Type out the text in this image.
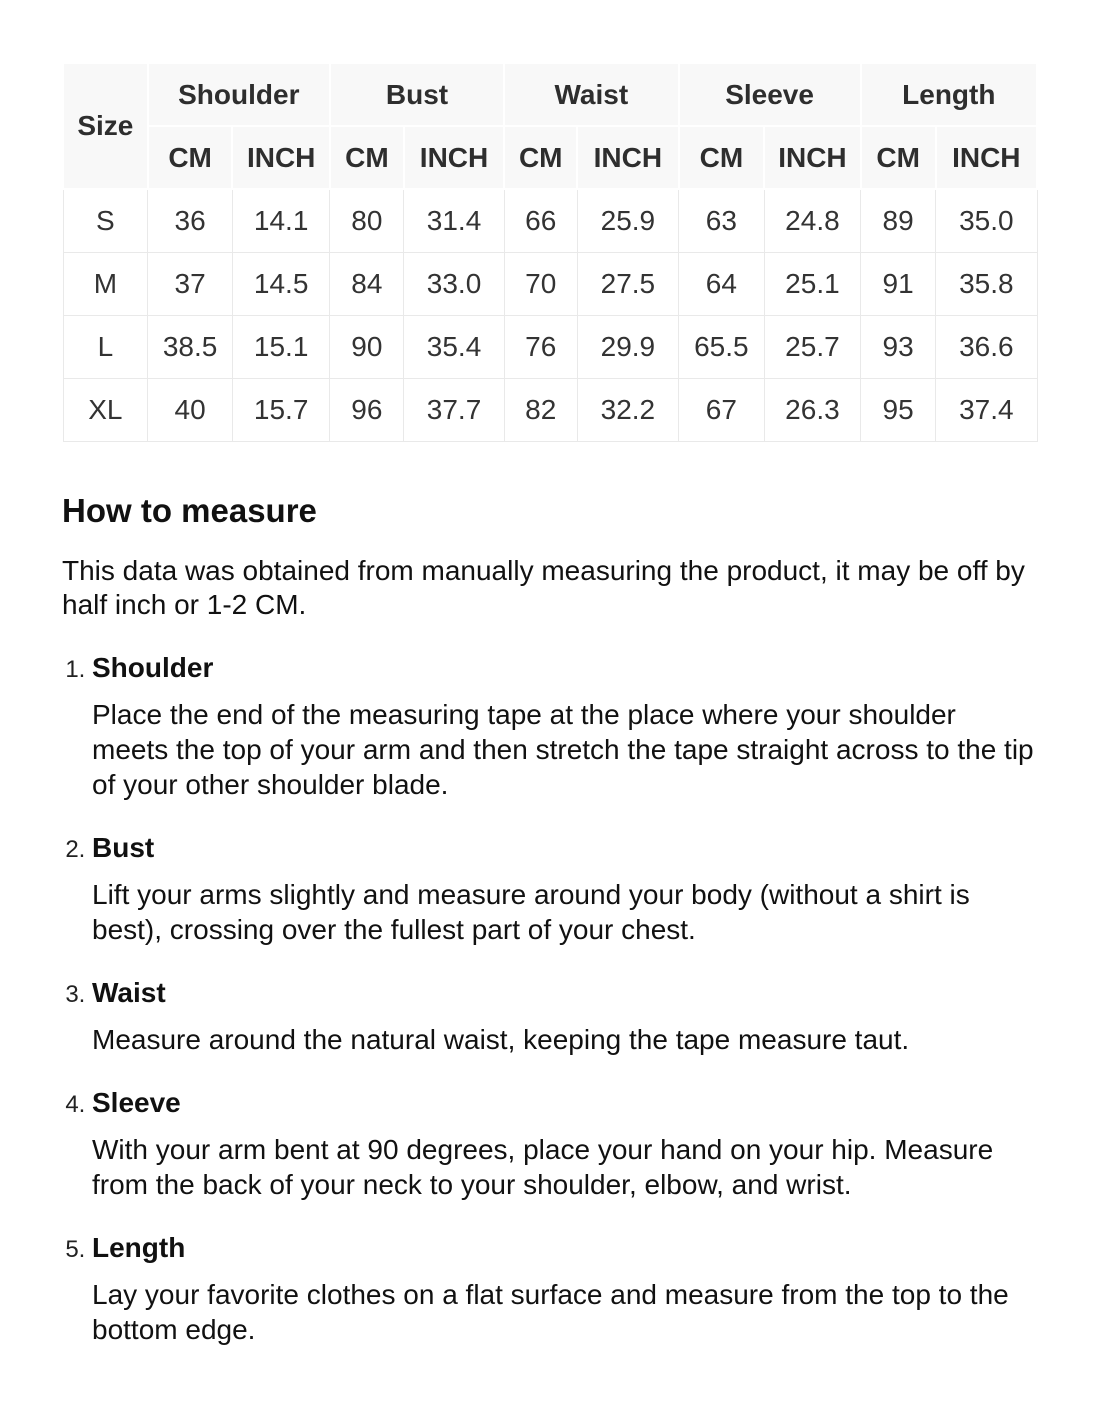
Size	Shoulder		Bust		Waist		Sleeve		Length	
	CM	INCH	CM	INCH	CM	INCH	CM	INCH	CM	INCH
S	36	14.1	80	31.4	66	25.9	63	24.8	89	35.0
M	37	14.5	84	33.0	70	27.5	64	25.1	91	35.8
L	38.5	15.1	90	35.4	76	29.9	65.5	25.7	93	36.6
XL	40	15.7	96	37.7	82	32.2	67	26.3	95	37.4
How to measure

This data was obtained from manually measuring the product, it may be off by half inch or 1-2 CM.

1. Shoulder

Place the end of the measuring tape at the place where your shoulder meets the top of your arm and then stretch the tape straight across to the tip of your other shoulder blade.

2. Bust

Lift your arms slightly and measure around your body (without a shirt is best), crossing over the fullest part of your chest.

3. Waist

Measure around the natural waist, keeping the tape measure taut.

4. Sleeve

With your arm bent at 90 degrees, place your hand on your hip. Measure from the back of your neck to your shoulder, elbow, and wrist.

5. Length

Lay your favorite clothes on a flat surface and measure from the top to the bottom edge.
